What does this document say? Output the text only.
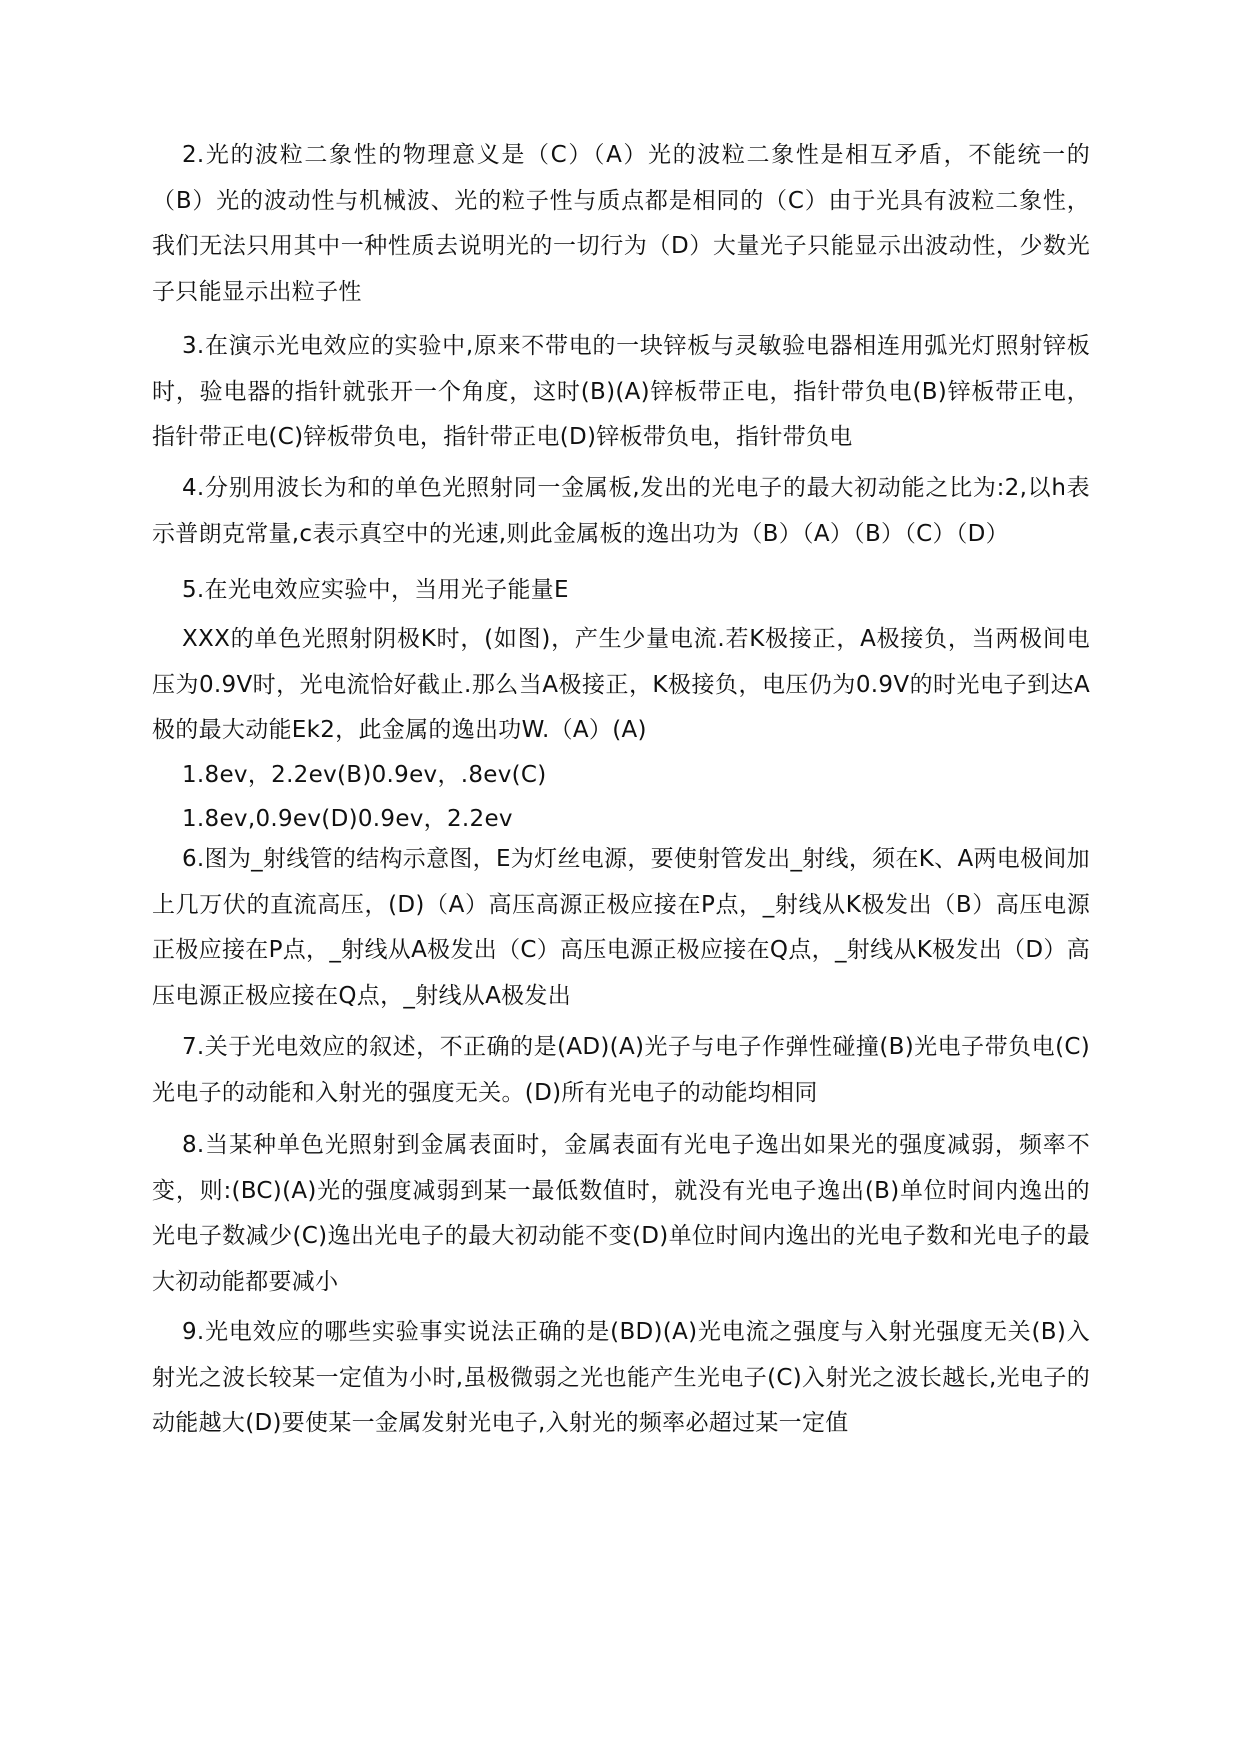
2.光的波粒二象性的物理意义是（C）（A）光的波粒二象性是相互矛盾，不能统一的（B）光的波动性与机械波、光的粒子性与质点都是相同的（C）由于光具有波粒二象性，我们无法只用其中一种性质去说明光的一切行为（D）大量光子只能显示出波动性，少数光子只能显示出粒子性

3.在演示光电效应的实验中,原来不带电的一块锌板与灵敏验电器相连用弧光灯照射锌板时，验电器的指针就张开一个角度，这时(B)(A)锌板带正电，指针带负电(B)锌板带正电，指针带正电(C)锌板带负电，指针带正电(D)锌板带负电，指针带负电

4.分别用波长为和的单色光照射同一金属板,发出的光电子的最大初动能之比为:2,以h表示普朗克常量,c表示真空中的光速,则此金属板的逸出功为（B）（A）（B）（C）（D）

5.在光电效应实验中，当用光子能量E

XXX的单色光照射阴极K时，(如图)，产生少量电流.若K极接正，A极接负，当两极间电压为0.9V时，光电流恰好截止.那么当A极接正，K极接负，电压仍为0.9V的时光电子到达A极的最大动能Ek2，此金属的逸出功W.（A）(A)

1.8ev，2.2ev(B)0.9ev，.8ev(C)

1.8ev,0.9ev(D)0.9ev，2.2ev

6.图为_射线管的结构示意图，E为灯丝电源，要使射管发出_射线，须在K、A两电极间加上几万伏的直流高压，(D)（A）高压高源正极应接在P点，_射线从K极发出（B）高压电源正极应接在P点，_射线从A极发出（C）高压电源正极应接在Q点，_射线从K极发出（D）高压电源正极应接在Q点，_射线从A极发出

7.关于光电效应的叙述，不正确的是(AD)(A)光子与电子作弹性碰撞(B)光电子带负电(C)光电子的动能和入射光的强度无关。(D)所有光电子的动能均相同

8.当某种单色光照射到金属表面时，金属表面有光电子逸出如果光的强度减弱，频率不变，则:(BC)(A)光的强度减弱到某一最低数值时，就没有光电子逸出(B)单位时间内逸出的光电子数减少(C)逸出光电子的最大初动能不变(D)单位时间内逸出的光电子数和光电子的最大初动能都要减小

9.光电效应的哪些实验事实说法正确的是(BD)(A)光电流之强度与入射光强度无关(B)入射光之波长较某一定值为小时,虽极微弱之光也能产生光电子(C)入射光之波长越长,光电子的动能越大(D)要使某一金属发射光电子,入射光的频率必超过某一定值
